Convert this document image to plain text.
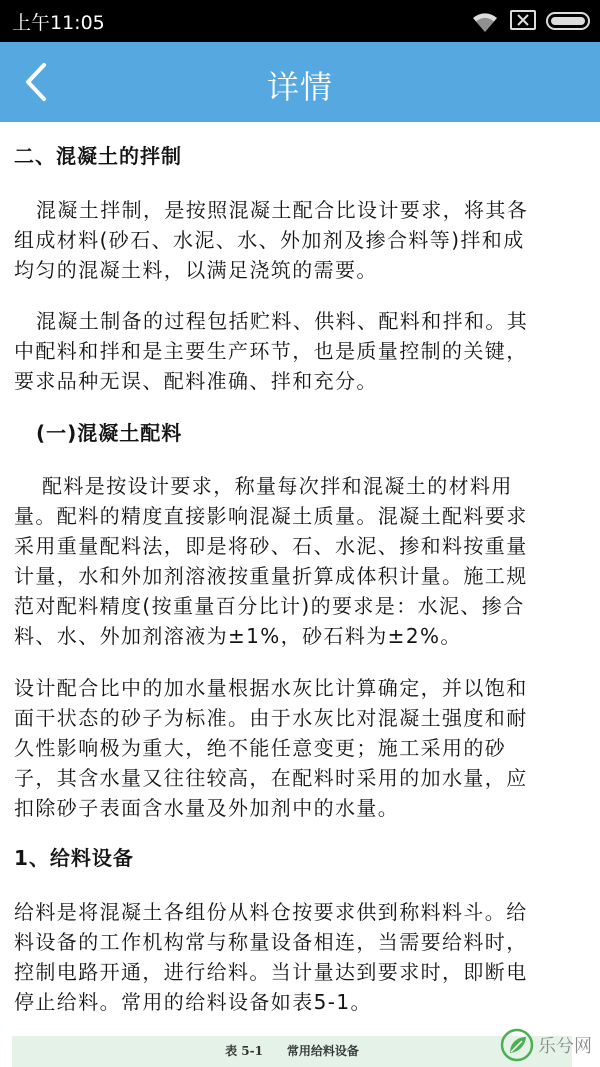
上午11:05
详情
二、混凝土的拌制

混凝土拌制，是按照混凝土配合比设计要求，将其各

组成材料(砂石、水泥、水、外加剂及掺合料等)拌和成

均匀的混凝土料，以满足浇筑的需要。

混凝土制备的过程包括贮料、供料、配料和拌和。其

中配料和拌和是主要生产环节，也是质量控制的关键，

要求品种无误、配料准确、拌和充分。

(一)混凝土配料

配料是按设计要求，称量每次拌和混凝土的材料用

量。配料的精度直接影响混凝土质量。混凝土配料要求

采用重量配料法，即是将砂、石、水泥、掺和料按重量

计量，水和外加剂溶液按重量折算成体积计量。施工规

范对配料精度(按重量百分比计)的要求是：水泥、掺合

料、水、外加剂溶液为±1%，砂石料为±2%。

设计配合比中的加水量根据水灰比计算确定，并以饱和

面干状态的砂子为标准。由于水灰比对混凝土强度和耐

久性影响极为重大，绝不能任意变更；施工采用的砂

子，其含水量又往往较高，在配料时采用的加水量，应

扣除砂子表面含水量及外加剂中的水量。

1、给料设备

给料是将混凝土各组份从料仓按要求供到称料料斗。给

料设备的工作机构常与称量设备相连，当需要给料时，

控制电路开通，进行给料。当计量达到要求时，即断电

停止给料。常用的给料设备如表5-1。

表 5-1　　常用给料设备	乐兮网
